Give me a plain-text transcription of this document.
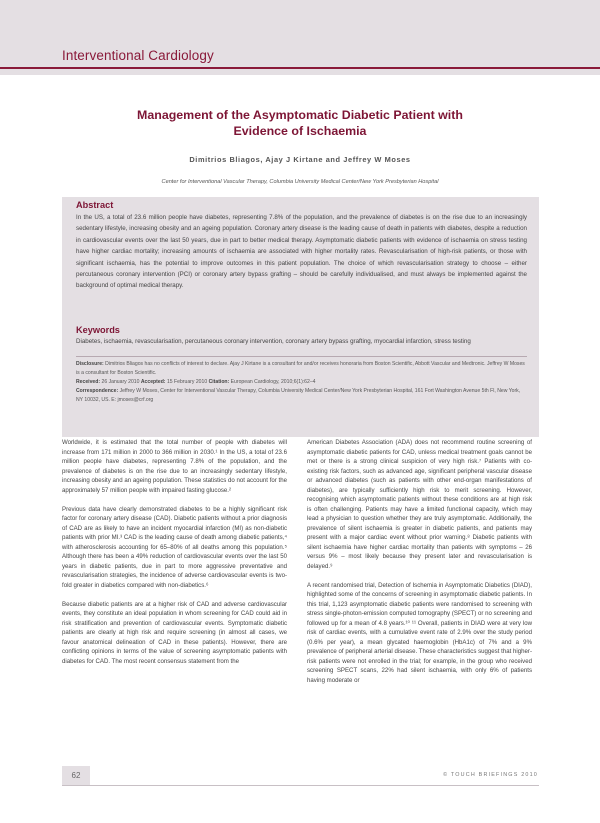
Interventional Cardiology
Management of the Asymptomatic Diabetic Patient with
Evidence of Ischaemia
Dimitrios Bliagos, Ajay J Kirtane and Jeffrey W Moses
Center for Interventional Vascular Therapy, Columbia University Medical Center/New York Presbyterian Hospital
Abstract
In the US, a total of 23.6 million people have diabetes, representing 7.8% of the population, and the prevalence of diabetes is on the rise due to an increasingly sedentary lifestyle, increasing obesity and an ageing population. Coronary artery disease is the leading cause of death in patients with diabetes, despite a reduction in cardiovascular events over the last 50 years, due in part to better medical therapy. Asymptomatic diabetic patients with evidence of ischaemia on stress testing have higher cardiac mortality; increasing amounts of ischaemia are associated with higher mortality rates. Revascularisation of high-risk patients, or those with significant ischaemia, has the potential to improve outcomes in this patient population. The choice of which revascularisation strategy to choose – either percutaneous coronary intervention (PCI) or coronary artery bypass grafting – should be carefully individualised, and must always be implemented against the background of optimal medical therapy.
Keywords
Diabetes, ischaemia, revascularisation, percutaneous coronary intervention, coronary artery bypass grafting, myocardial infarction, stress testing
Disclosure: Dimitrios Bliagos has no conflicts of interest to declare. Ajay J Kirtane is a consultant for and/or receives honoraria from Boston Scientific, Abbott Vascular and Medtronic. Jeffrey W Moses is a consultant for Boston Scientific.
Received: 26 January 2010 Accepted: 15 February 2010 Citation: European Cardiology, 2010;6(1):62–4
Correspondence: Jeffrey W Moses, Center for Interventional Vascular Therapy, Columbia University Medical Center/New York Presbyterian Hospital, 161 Fort Washington Avenue 5th Fl, New York, NY 10032, US. E: jmoses@crf.org

Worldwide, it is estimated that the total number of people with diabetes will increase from 171 million in 2000 to 366 million in 2030.¹ In the US, a total of 23.6 million people have diabetes, representing 7.8% of the population, and the prevalence of diabetes is on the rise due to an increasingly sedentary lifestyle, increasing obesity and an ageing population. These statistics do not account for the approximately 57 million people with impaired fasting glucose.²

Previous data have clearly demonstrated diabetes to be a highly significant risk factor for coronary artery disease (CAD). Diabetic patients without a prior diagnosis of CAD are as likely to have an incident myocardial infarction (MI) as non-diabetic patients with prior MI.³ CAD is the leading cause of death among diabetic patients,⁴ with atherosclerosis accounting for 65–80% of all deaths among this population.⁵ Although there has been a 49% reduction of cardiovascular events over the last 50 years in diabetic patients, due in part to more aggressive preventative and revascularisation strategies, the incidence of adverse cardiovascular events is two-fold greater in diabetics compared with non-diabetics.⁶

Because diabetic patients are at a higher risk of CAD and adverse cardiovascular events, they constitute an ideal population in whom screening for CAD could aid in risk stratification and prevention of cardiovascular events. Symptomatic diabetic patients are clearly at high risk and require screening (in almost all cases, we favour anatomical delineation of CAD in these patients). However, there are conflicting opinions in terms of the value of screening asymptomatic patients with diabetes for CAD. The most recent consensus statement from the

American Diabetes Association (ADA) does not recommend routine screening of asymptomatic diabetic patients for CAD, unless medical treatment goals cannot be met or there is a strong clinical suspicion of very high risk.⁷ Patients with co-existing risk factors, such as advanced age, significant peripheral vascular disease or advanced diabetes (such as patients with other end-organ manifestations of diabetes), are typically sufficiently high risk to merit screening. However, recognising which asymptomatic patients without these conditions are at high risk is often challenging. Patients may have a limited functional capacity, which may lead a physician to question whether they are truly asymptomatic. Additionally, the prevalence of silent ischaemia is greater in diabetic patients, and patients may present with a major cardiac event without prior warning.⁸ Diabetic patients with silent ischaemia have higher cardiac mortality than patients with symptoms – 26 versus 9% – most likely because they present later and revascularisation is delayed.⁹

A recent randomised trial, Detection of Ischemia in Asymptomatic Diabetics (DIAD), highlighted some of the concerns of screening in asymptomatic diabetic patients. In this trial, 1,123 asymptomatic diabetic patients were randomised to screening with stress single-photon-emission computed tomography (SPECT) or no screening and followed up for a mean of 4.8 years.¹⁰ ¹¹ Overall, patients in DIAD were at very low risk of cardiac events, with a cumulative event rate of 2.9% over the study period (0.6% per year), a mean glycated haemoglobin (HbA1c) of 7% and a 9% prevalence of peripheral arterial disease. These characteristics suggest that higher-risk patients were not enrolled in the trial; for example, in the group who received screening SPECT scans, 22% had silent ischaemia, with only 6% of patients having moderate or

62	© TOUCH BRIEFINGS 2010
